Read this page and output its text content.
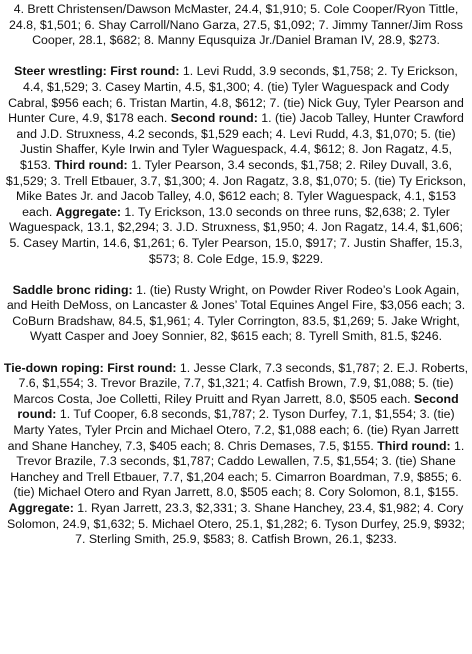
4. Brett Christensen/Dawson McMaster, 24.4, $1,910; 5. Cole Cooper/Ryon Tittle, 24.8, $1,501; 6. Shay Carroll/Nano Garza, 27.5, $1,092; 7. Jimmy Tanner/Jim Ross Cooper, 28.1, $682; 8. Manny Equsquiza Jr./Daniel Braman IV, 28.9, $273.

Steer wrestling: First round: 1. Levi Rudd, 3.9 seconds, $1,758; 2. Ty Erickson, 4.4, $1,529; 3. Casey Martin, 4.5, $1,300; 4. (tie) Tyler Waguespack and Cody Cabral, $956 each; 6. Tristan Martin, 4.8, $612; 7. (tie) Nick Guy, Tyler Pearson and Hunter Cure, 4.9, $178 each. Second round: 1. (tie) Jacob Talley, Hunter Crawford and J.D. Struxness, 4.2 seconds, $1,529 each; 4. Levi Rudd, 4.3, $1,070; 5. (tie) Justin Shaffer, Kyle Irwin and Tyler Waguespack, 4.4, $612; 8. Jon Ragatz, 4.5, $153. Third round: 1. Tyler Pearson, 3.4 seconds, $1,758; 2. Riley Duvall, 3.6, $1,529; 3. Trell Etbauer, 3.7, $1,300; 4. Jon Ragatz, 3.8, $1,070; 5. (tie) Ty Erickson, Mike Bates Jr. and Jacob Talley, 4.0, $612 each; 8. Tyler Waguespack, 4.1, $153 each. Aggregate: 1. Ty Erickson, 13.0 seconds on three runs, $2,638; 2. Tyler Waguespack, 13.1, $2,294; 3. J.D. Struxness, $1,950; 4. Jon Ragatz, 14.4, $1,606; 5. Casey Martin, 14.6, $1,261; 6. Tyler Pearson, 15.0, $917; 7. Justin Shaffer, 15.3, $573; 8. Cole Edge, 15.9, $229.

Saddle bronc riding: 1. (tie) Rusty Wright, on Powder River Rodeo’s Look Again, and Heith DeMoss, on Lancaster & Jones’ Total Equines Angel Fire, $3,056 each; 3. CoBurn Bradshaw, 84.5, $1,961; 4. Tyler Corrington, 83.5, $1,269; 5. Jake Wright, Wyatt Casper and Joey Sonnier, 82, $615 each; 8. Tyrell Smith, 81.5, $246.

Tie-down roping: First round: 1. Jesse Clark, 7.3 seconds, $1,787; 2. E.J. Roberts, 7.6, $1,554; 3. Trevor Brazile, 7.7, $1,321; 4. Catfish Brown, 7.9, $1,088; 5. (tie) Marcos Costa, Joe Colletti, Riley Pruitt and Ryan Jarrett, 8.0, $505 each. Second round: 1. Tuf Cooper, 6.8 seconds, $1,787; 2. Tyson Durfey, 7.1, $1,554; 3. (tie) Marty Yates, Tyler Prcin and Michael Otero, 7.2, $1,088 each; 6. (tie) Ryan Jarrett and Shane Hanchey, 7.3, $405 each; 8. Chris Demases, 7.5, $155. Third round: 1. Trevor Brazile, 7.3 seconds, $1,787; Caddo Lewallen, 7.5, $1,554; 3. (tie) Shane Hanchey and Trell Etbauer, 7.7, $1,204 each; 5. Cimarron Boardman, 7.9, $855; 6. (tie) Michael Otero and Ryan Jarrett, 8.0, $505 each; 8. Cory Solomon, 8.1, $155. Aggregate: 1. Ryan Jarrett, 23.3, $2,331; 3. Shane Hanchey, 23.4, $1,982; 4. Cory Solomon, 24.9, $1,632; 5. Michael Otero, 25.1, $1,282; 6. Tyson Durfey, 25.9, $932; 7. Sterling Smith, 25.9, $583; 8. Catfish Brown, 26.1, $233.
